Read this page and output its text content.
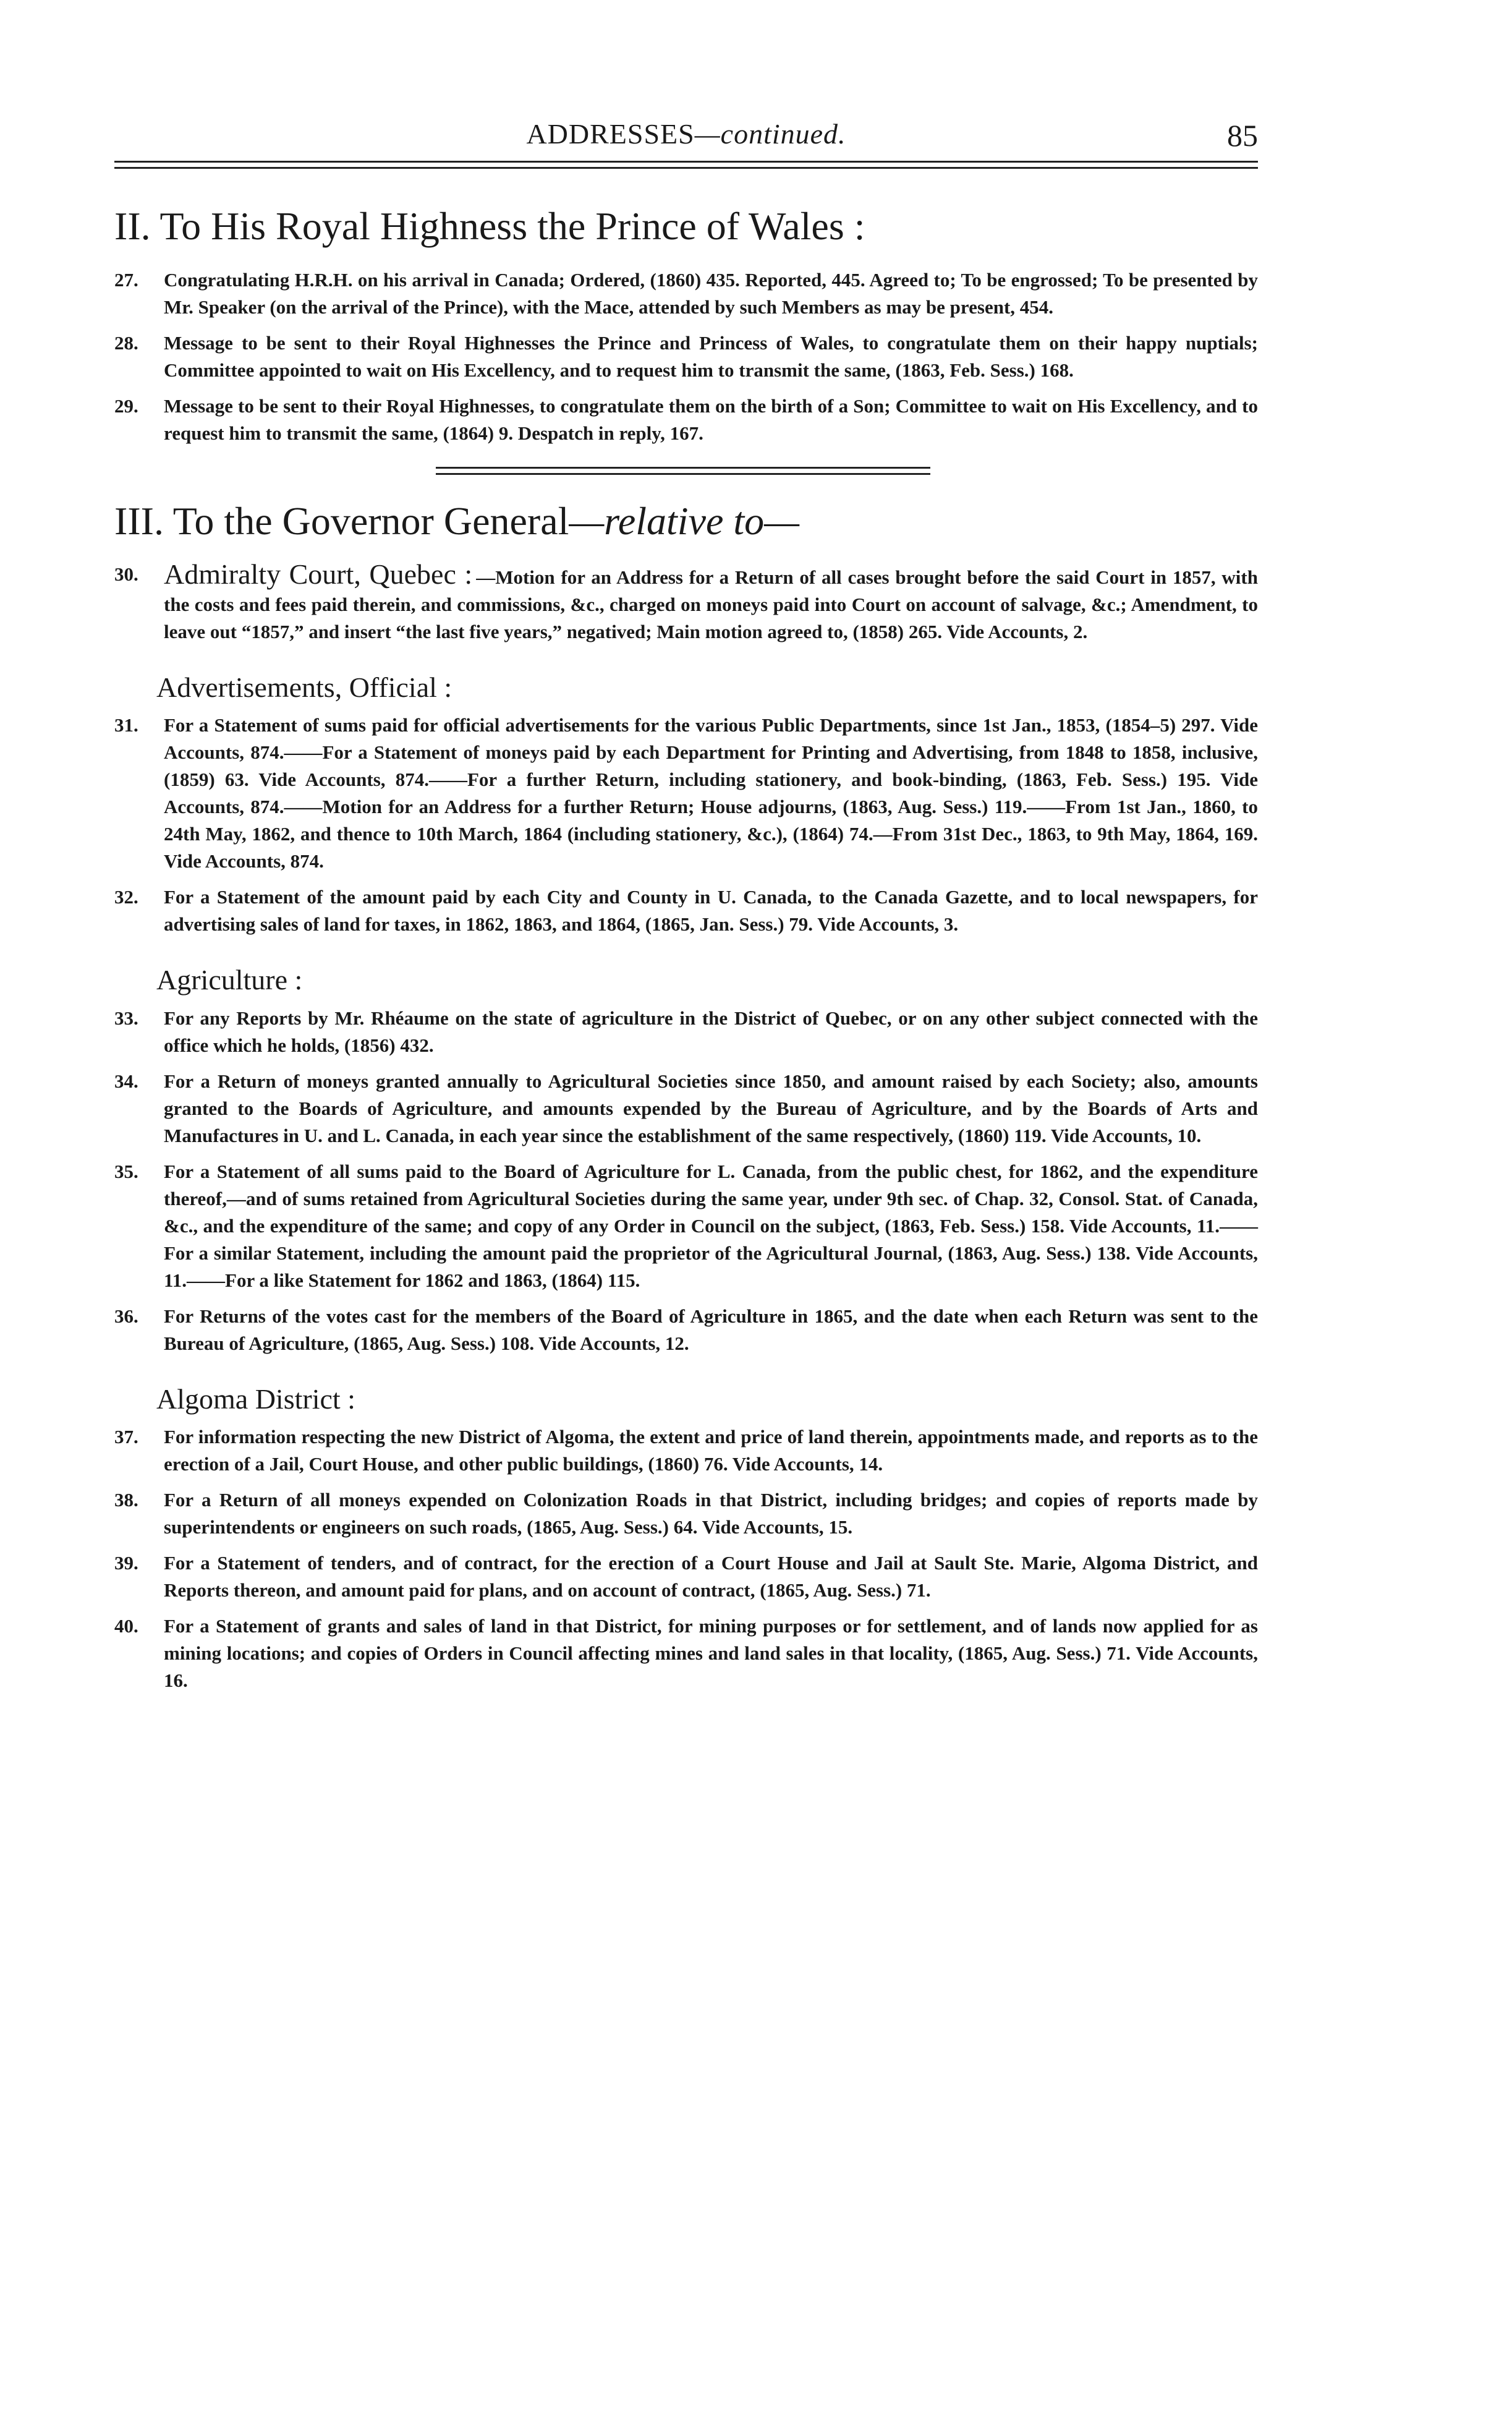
ADDRESSES—continued.	85
II. To His Royal Highness the Prince of Wales :
27.	Congratulating H.R.H. on his arrival in Canada; Ordered, (1860) 435. Reported, 445. Agreed to; To be engrossed; To be presented by Mr. Speaker (on the arrival of the Prince), with the Mace, attended by such Members as may be present, 454.
28.	Message to be sent to their Royal Highnesses the Prince and Princess of Wales, to congratulate them on their happy nuptials; Committee appointed to wait on His Excellency, and to request him to transmit the same, (1863, Feb. Sess.) 168.
29.	Message to be sent to their Royal Highnesses, to congratulate them on the birth of a Son; Committee to wait on His Excellency, and to request him to transmit the same, (1864) 9. Despatch in reply, 167.
III. To the Governor General—relative to—
30. Admiralty Court, Quebec : —Motion for an Address for a Return of all cases brought before the said Court in 1857, with the costs and fees paid therein, and commissions, &c., charged on moneys paid into Court on account of salvage, &c.; Amendment, to leave out “1857,” and insert “the last five years,” negatived; Main motion agreed to, (1858) 265. Vide Accounts, 2.
Advertisements, Official :
31.	For a Statement of sums paid for official advertisements for the various Public Departments, since 1st Jan., 1853, (1854–5) 297. Vide Accounts, 874.——For a Statement of moneys paid by each Department for Printing and Advertising, from 1848 to 1858, inclusive, (1859) 63. Vide Accounts, 874.——For a further Return, including stationery, and book-binding, (1863, Feb. Sess.) 195. Vide Accounts, 874.——Motion for an Address for a further Return; House adjourns, (1863, Aug. Sess.) 119.——From 1st Jan., 1860, to 24th May, 1862, and thence to 10th March, 1864 (including stationery, &c.), (1864) 74.—From 31st Dec., 1863, to 9th May, 1864, 169. Vide Accounts, 874.
32.	For a Statement of the amount paid by each City and County in U. Canada, to the Canada Gazette, and to local newspapers, for advertising sales of land for taxes, in 1862, 1863, and 1864, (1865, Jan. Sess.) 79. Vide Accounts, 3.
Agriculture :
33.	For any Reports by Mr. Rhéaume on the state of agriculture in the District of Quebec, or on any other subject connected with the office which he holds, (1856) 432.
34.	For a Return of moneys granted annually to Agricultural Societies since 1850, and amount raised by each Society; also, amounts granted to the Boards of Agriculture, and amounts expended by the Bureau of Agriculture, and by the Boards of Arts and Manufactures in U. and L. Canada, in each year since the establishment of the same respectively, (1860) 119. Vide Accounts, 10.
35.	For a Statement of all sums paid to the Board of Agriculture for L. Canada, from the public chest, for 1862, and the expenditure thereof,—and of sums retained from Agricultural Societies during the same year, under 9th sec. of Chap. 32, Consol. Stat. of Canada, &c., and the expenditure of the same; and copy of any Order in Council on the subject, (1863, Feb. Sess.) 158. Vide Accounts, 11.——For a similar Statement, including the amount paid the proprietor of the Agricultural Journal, (1863, Aug. Sess.) 138. Vide Accounts, 11.——For a like Statement for 1862 and 1863, (1864) 115.
36.	For Returns of the votes cast for the members of the Board of Agriculture in 1865, and the date when each Return was sent to the Bureau of Agriculture, (1865, Aug. Sess.) 108. Vide Accounts, 12.
Algoma District :
37.	For information respecting the new District of Algoma, the extent and price of land therein, appointments made, and reports as to the erection of a Jail, Court House, and other public buildings, (1860) 76. Vide Accounts, 14.
38.	For a Return of all moneys expended on Colonization Roads in that District, including bridges; and copies of reports made by superintendents or engineers on such roads, (1865, Aug. Sess.) 64. Vide Accounts, 15.
39.	For a Statement of tenders, and of contract, for the erection of a Court House and Jail at Sault Ste. Marie, Algoma District, and Reports thereon, and amount paid for plans, and on account of contract, (1865, Aug. Sess.) 71.
40.	For a Statement of grants and sales of land in that District, for mining purposes or for settlement, and of lands now applied for as mining locations; and copies of Orders in Council affecting mines and land sales in that locality, (1865, Aug. Sess.) 71. Vide Accounts, 16.
